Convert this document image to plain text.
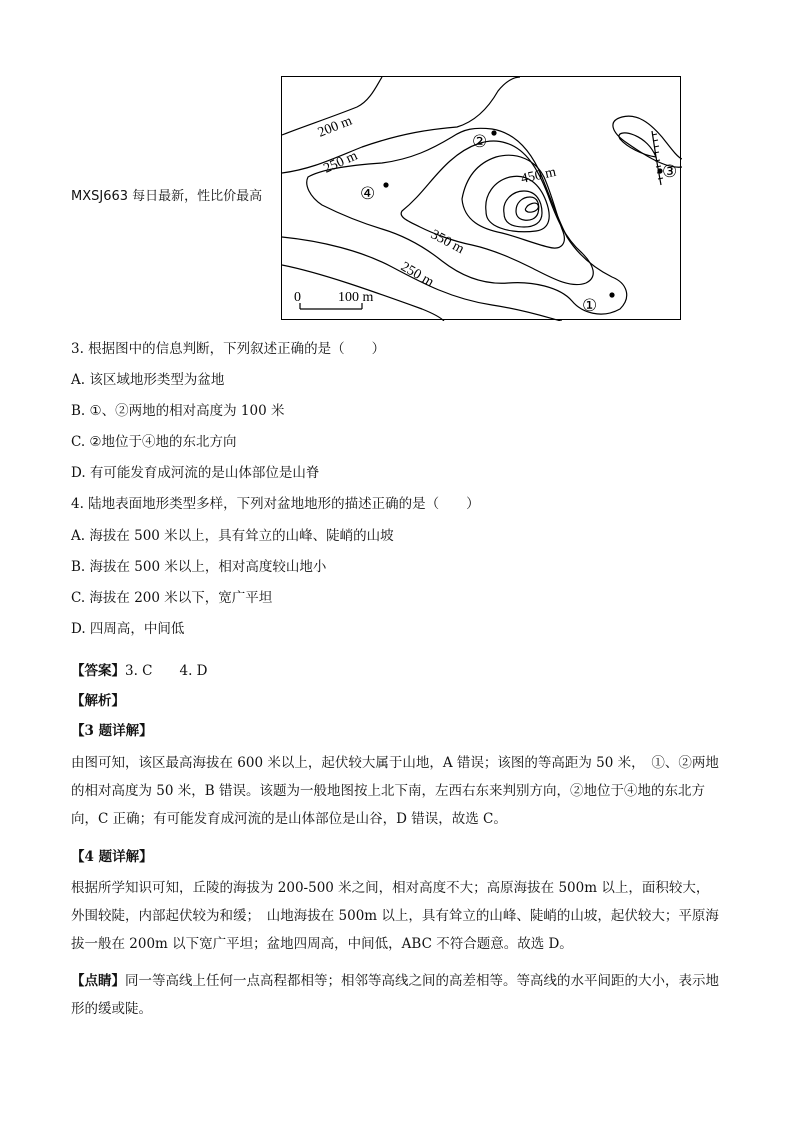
MXSJ663 每日最新，性比价最高
②
④
③
①
200 m
250 m	450 m
350 m
250 m
0	100 m
3. 根据图中的信息判断，下列叙述正确的是（　　）
A. 该区域地形类型为盆地
B. ①、②两地的相对高度为 100 米
C. ②地位于④地的东北方向
D. 有可能发育成河流的是山体部位是山脊
4. 陆地表面地形类型多样，下列对盆地地形的描述正确的是（　　）
A. 海拔在 500 米以上，具有耸立的山峰、陡峭的山坡
B. 海拔在 500 米以上，相对高度较山地小
C. 海拔在 200 米以下，宽广平坦
D. 四周高，中间低
【答案】3. C　　4. D
【解析】
【3 题详解】
由图可知，该区最高海拔在 600 米以上，起伏较大属于山地，A 错误；该图的等高距为 50 米，　①、②两地的相对高度为 50 米，B 错误。该题为一般地图按上北下南，左西右东来判别方向，②地位于④地的东北方向，C 正确；有可能发育成河流的是山体部位是山谷，D 错误，故选 C。
【4 题详解】
根据所学知识可知，丘陵的海拔为 200-500 米之间，相对高度不大；高原海拔在 500m 以上，面积较大，外围较陡，内部起伏较为和缓；　山地海拔在 500m 以上，具有耸立的山峰、陡峭的山坡，起伏较大；平原海拔一般在 200m 以下宽广平坦；盆地四周高，中间低，ABC 不符合题意。故选 D。
【点睛】同一等高线上任何一点高程都相等；相邻等高线之间的高差相等。等高线的水平间距的大小，表示地形的缓或陡。
